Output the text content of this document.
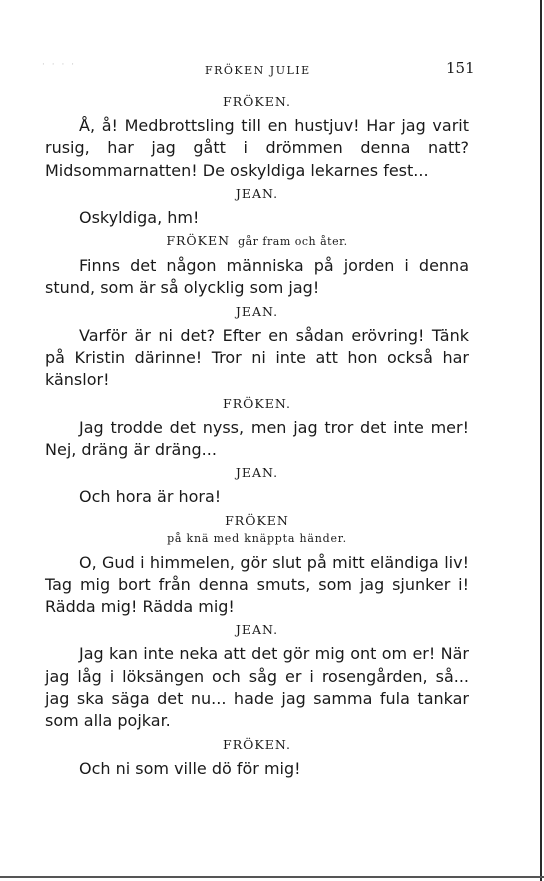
· · · ·	FRÖKEN JULIE	151
FRÖKEN.

Å, å! Medbrottsling till en hustjuv! Har jag varit rusig, har jag gått i drömmen denna natt? Midsommarnatten! De oskyldiga lekarnes fest...

JEAN.

Oskyldiga, hm!

FRÖKEN går fram och åter.

Finns det någon människa på jorden i denna stund, som är så olycklig som jag!

JEAN.

Varför är ni det? Efter en sådan erövring! Tänk på Kristin därinne! Tror ni inte att hon också har känslor!

FRÖKEN.

Jag trodde det nyss, men jag tror det inte mer! Nej, dräng är dräng...

JEAN.

Och hora är hora!

FRÖKEN
på knä med knäppta händer.

O, Gud i himmelen, gör slut på mitt eländiga liv! Tag mig bort från denna smuts, som jag sjunker i! Rädda mig! Rädda mig!

JEAN.

Jag kan inte neka att det gör mig ont om er! När jag låg i löksängen och såg er i rosengården, så... jag ska säga det nu... hade jag samma fula tankar som alla pojkar.

FRÖKEN.

Och ni som ville dö för mig!
